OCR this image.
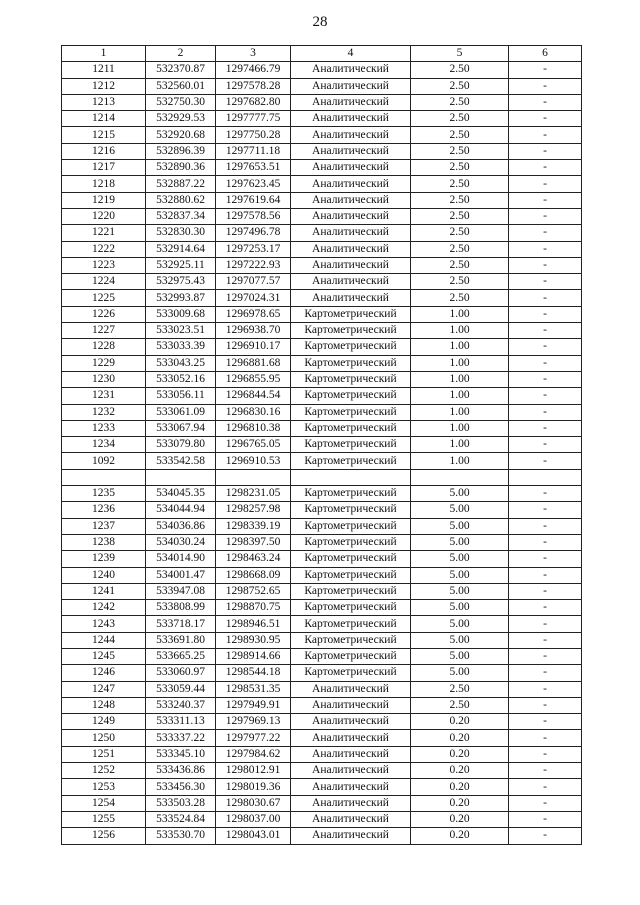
28
1	2	3	4	5	6
1211	532370.87	1297466.79	Аналитический	2.50	-
1212	532560.01	1297578.28	Аналитический	2.50	-
1213	532750.30	1297682.80	Аналитический	2.50	-
1214	532929.53	1297777.75	Аналитический	2.50	-
1215	532920.68	1297750.28	Аналитический	2.50	-
1216	532896.39	1297711.18	Аналитический	2.50	-
1217	532890.36	1297653.51	Аналитический	2.50	-
1218	532887.22	1297623.45	Аналитический	2.50	-
1219	532880.62	1297619.64	Аналитический	2.50	-
1220	532837.34	1297578.56	Аналитический	2.50	-
1221	532830.30	1297496.78	Аналитический	2.50	-
1222	532914.64	1297253.17	Аналитический	2.50	-
1223	532925.11	1297222.93	Аналитический	2.50	-
1224	532975.43	1297077.57	Аналитический	2.50	-
1225	532993.87	1297024.31	Аналитический	2.50	-
1226	533009.68	1296978.65	Картометрический	1.00	-
1227	533023.51	1296938.70	Картометрический	1.00	-
1228	533033.39	1296910.17	Картометрический	1.00	-
1229	533043.25	1296881.68	Картометрический	1.00	-
1230	533052.16	1296855.95	Картометрический	1.00	-
1231	533056.11	1296844.54	Картометрический	1.00	-
1232	533061.09	1296830.16	Картометрический	1.00	-
1233	533067.94	1296810.38	Картометрический	1.00	-
1234	533079.80	1296765.05	Картометрический	1.00	-
1092	533542.58	1296910.53	Картометрический	1.00	-

1235	534045.35	1298231.05	Картометрический	5.00	-
1236	534044.94	1298257.98	Картометрический	5.00	-
1237	534036.86	1298339.19	Картометрический	5.00	-
1238	534030.24	1298397.50	Картометрический	5.00	-
1239	534014.90	1298463.24	Картометрический	5.00	-
1240	534001.47	1298668.09	Картометрический	5.00	-
1241	533947.08	1298752.65	Картометрический	5.00	-
1242	533808.99	1298870.75	Картометрический	5.00	-
1243	533718.17	1298946.51	Картометрический	5.00	-
1244	533691.80	1298930.95	Картометрический	5.00	-
1245	533665.25	1298914.66	Картометрический	5.00	-
1246	533060.97	1298544.18	Картометрический	5.00	-
1247	533059.44	1298531.35	Аналитический	2.50	-
1248	533240.37	1297949.91	Аналитический	2.50	-
1249	533311.13	1297969.13	Аналитический	0.20	-
1250	533337.22	1297977.22	Аналитический	0.20	-
1251	533345.10	1297984.62	Аналитический	0.20	-
1252	533436.86	1298012.91	Аналитический	0.20	-
1253	533456.30	1298019.36	Аналитический	0.20	-
1254	533503.28	1298030.67	Аналитический	0.20	-
1255	533524.84	1298037.00	Аналитический	0.20	-
1256	533530.70	1298043.01	Аналитический	0.20	-
